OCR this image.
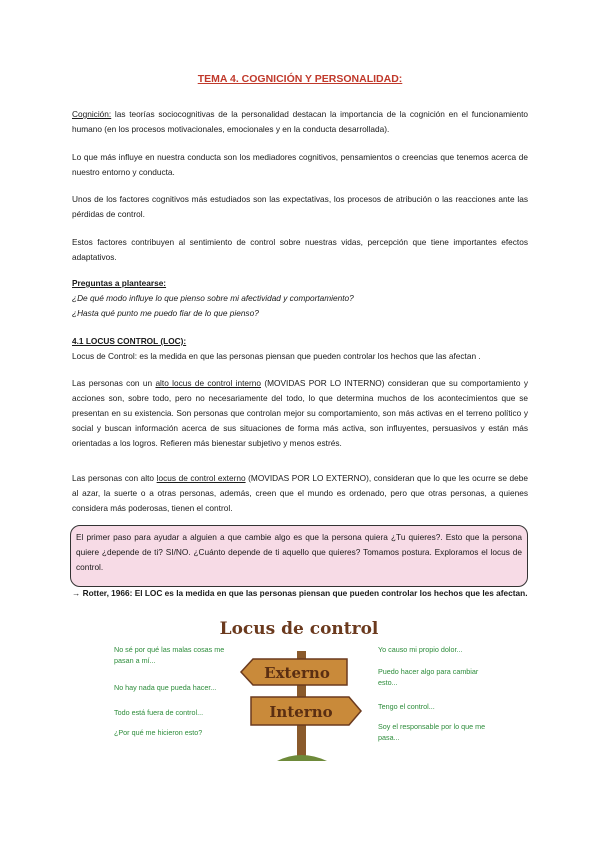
TEMA 4. COGNICIÓN Y PERSONALIDAD:
Cognición: las teorías sociocognitivas de la personalidad destacan la importancia de la cognición en el funcionamiento humano (en los procesos motivacionales, emocionales y en la conducta desarrollada).
Lo que más influye en nuestra conducta son los mediadores cognitivos, pensamientos o creencias que tenemos acerca de nuestro entorno y conducta.
Unos de los factores cognitivos más estudiados son las expectativas, los procesos de atribución o las reacciones ante las pérdidas de control.
Estos factores contribuyen al sentimiento de control sobre nuestras vidas, percepción que tiene importantes efectos adaptativos.
Preguntas a plantearse:
¿De qué modo influye lo que pienso sobre mi afectividad y comportamiento?
¿Hasta qué punto me puedo fiar de lo que pienso?
4.1 LOCUS CONTROL (LOC):
Locus de Control: es la medida en que las personas piensan que pueden controlar los hechos que las afectan .
Las personas con un alto locus de control interno (MOVIDAS POR LO INTERNO) consideran que su comportamiento y acciones son, sobre todo, pero no necesariamente del todo, lo que determina muchos de los acontecimientos que se presentan en su existencia. Son personas que controlan mejor su comportamiento, son más activas en el terreno político y social y buscan información acerca de sus situaciones de forma más activa, son influyentes, persuasivos y están más orientadas a los logros. Refieren más bienestar subjetivo y menos estrés.
Las personas con alto locus de control externo (MOVIDAS POR LO EXTERNO), consideran que lo que les ocurre se debe al azar, la suerte o a otras personas, además, creen que el mundo es ordenado, pero que otras personas, a quienes considera más poderosas, tienen el control.
El primer paso para ayudar a alguien a que cambie algo es que la persona quiera ¿Tu quieres?. Esto que la persona quiere ¿depende de ti? SI/NO. ¿Cuánto depende de ti aquello que quieres? Tomamos postura. Exploramos el locus de control.
→ Rotter, 1966: El LOC es la medida en que las personas piensan que pueden controlar los hechos que les afectan.
Locus de control
No sé por qué las malas cosas me pasan a mí...
No hay nada que pueda hacer...
Todo está fuera de control...
¿Por qué me hicieron esto?
Yo causo mi propio dolor...
Puedo hacer algo para cambiar esto...
Tengo el control...
Soy el responsable por lo que me pasa...
Externo
Interno
